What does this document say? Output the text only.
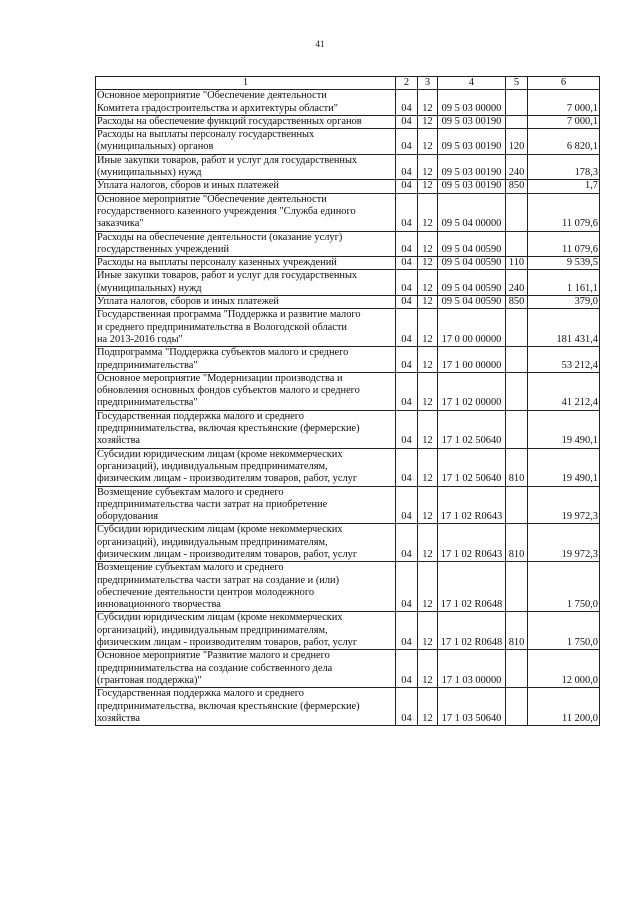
41
1	2	3	4	5	6
Основное мероприятие "Обеспечение деятельности
Комитета градостроительства и архитектуры области"	04	12	09 5 03 00000		7 000,1
Расходы на обеспечение функций государственных органов	04	12	09 5 03 00190		7 000,1
Расходы на выплаты персоналу государственных
(муниципальных) органов	04	12	09 5 03 00190	120	6 820,1
Иные закупки товаров, работ и услуг для государственных
(муниципальных) нужд	04	12	09 5 03 00190	240	178,3
Уплата налогов, сборов и иных платежей	04	12	09 5 03 00190	850	1,7
Основное мероприятие "Обеспечение деятельности
государственного казенного учреждения "Служба единого
заказчика"	04	12	09 5 04 00000		11 079,6
Расходы на обеспечение деятельности (оказание услуг)
государственных учреждений	04	12	09 5 04 00590		11 079,6
Расходы на выплаты персоналу казенных учреждений	04	12	09 5 04 00590	110	9 539,5
Иные закупки товаров, работ и услуг для государственных
(муниципальных) нужд	04	12	09 5 04 00590	240	1 161,1
Уплата налогов, сборов и иных платежей	04	12	09 5 04 00590	850	379,0
Государственная программа "Поддержка и развитие малого
и среднего предпринимательства в Вологодской области
на 2013-2016 годы"	04	12	17 0 00 00000		181 431,4
Подпрограмма "Поддержка субъектов малого и среднего
предпринимательства"	04	12	17 1 00 00000		53 212,4
Основное мероприятие "Модернизации производства и
обновления основных фондов субъектов малого и среднего
предпринимательства"	04	12	17 1 02 00000		41 212,4
Государственная поддержка малого и среднего
предпринимательства, включая крестьянские (фермерские)
хозяйства	04	12	17 1 02 50640		19 490,1
Субсидии юридическим лицам (кроме некоммерческих
организаций), индивидуальным предпринимателям,
физическим лицам - производителям товаров, работ, услуг	04	12	17 1 02 50640	810	19 490,1
Возмещение субъектам малого и среднего
предпринимательства части затрат на приобретение
оборудования	04	12	17 1 02 R0643		19 972,3
Субсидии юридическим лицам (кроме некоммерческих
организаций), индивидуальным предпринимателям,
физическим лицам - производителям товаров, работ, услуг	04	12	17 1 02 R0643	810	19 972,3
Возмещение субъектам малого и среднего
предпринимательства части затрат на создание и (или)
обеспечение деятельности центров молодежного
инновационного творчества	04	12	17 1 02 R0648		1 750,0
Субсидии юридическим лицам (кроме некоммерческих
организаций), индивидуальным предпринимателям,
физическим лицам - производителям товаров, работ, услуг	04	12	17 1 02 R0648	810	1 750,0
Основное мероприятие "Развитие малого и среднего
предпринимательства на создание собственного дела
(грантовая поддержка)"	04	12	17 1 03 00000		12 000,0
Государственная поддержка малого и среднего
предпринимательства, включая крестьянские (фермерские)
хозяйства	04	12	17 1 03 50640		11 200,0
